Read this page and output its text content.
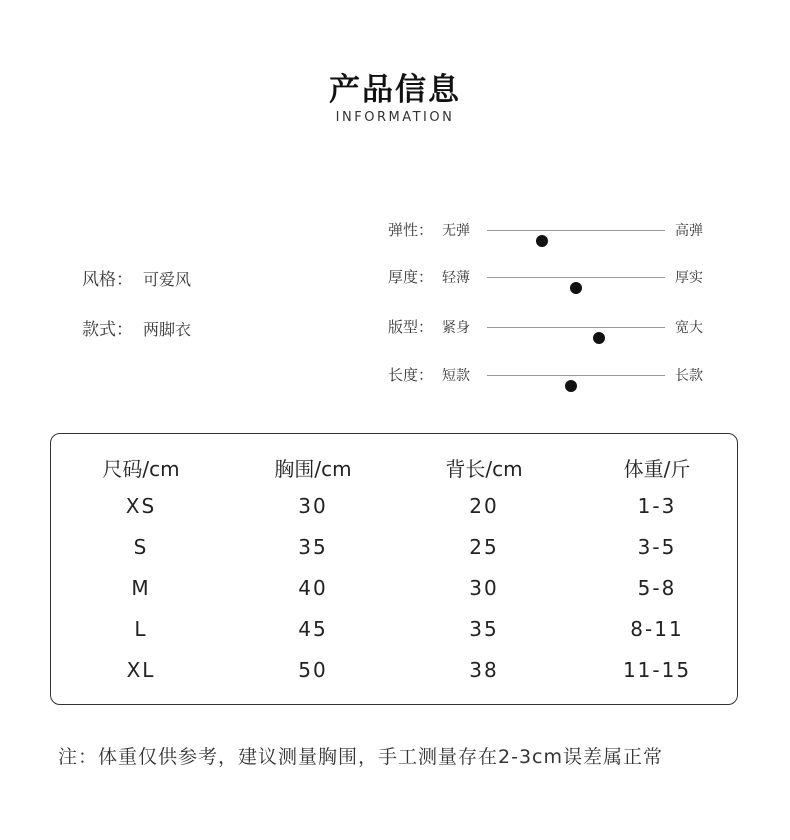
产品信息
INFORMATION
风格： 可爱风
款式： 两脚衣
弹性： 无弹	高弹
厚度： 轻薄	厚实
版型： 紧身	宽大
长度： 短款	长款
尺码/cm	胸围/cm	背长/cm	体重/斤
XS	30	20	1-3
S	35	25	3-5
M	40	30	5-8
L	45	35	8-11
XL	50	38	11-15
注：体重仅供参考，建议测量胸围，手工测量存在2-3cm误差属正常
